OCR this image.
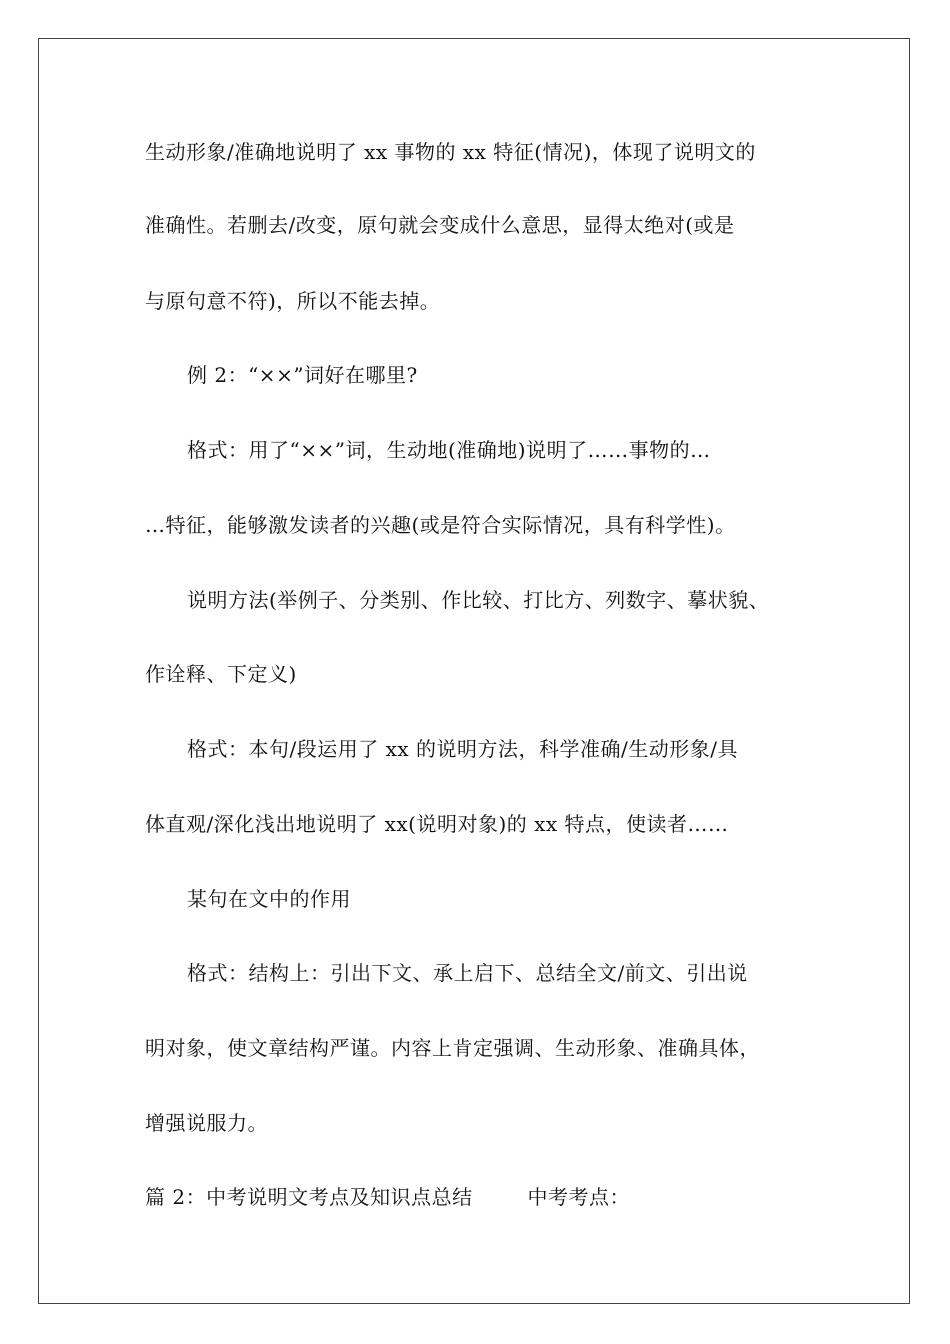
生动形象/准确地说明了 xx 事物的 xx 特征(情况)，体现了说明文的
准确性。若删去/改变，原句就会变成什么意思，显得太绝对(或是
与原句意不符)，所以不能去掉。
例 2：“××”词好在哪里?
格式：用了“××”词，生动地(准确地)说明了……事物的…
…特征，能够激发读者的兴趣(或是符合实际情况，具有科学性)。
说明方法(举例子、分类别、作比较、打比方、列数字、摹状貌、
作诠释、下定义)
格式：本句/段运用了 xx 的说明方法，科学准确/生动形象/具
体直观/深化浅出地说明了 xx(说明对象)的 xx 特点，使读者……
某句在文中的作用
格式：结构上：引出下文、承上启下、总结全文/前文、引出说
明对象，使文章结构严谨。内容上肯定强调、生动形象、准确具体，
增强说服力。
篇 2：中考说明文考点及知识点总结        中考考点：
